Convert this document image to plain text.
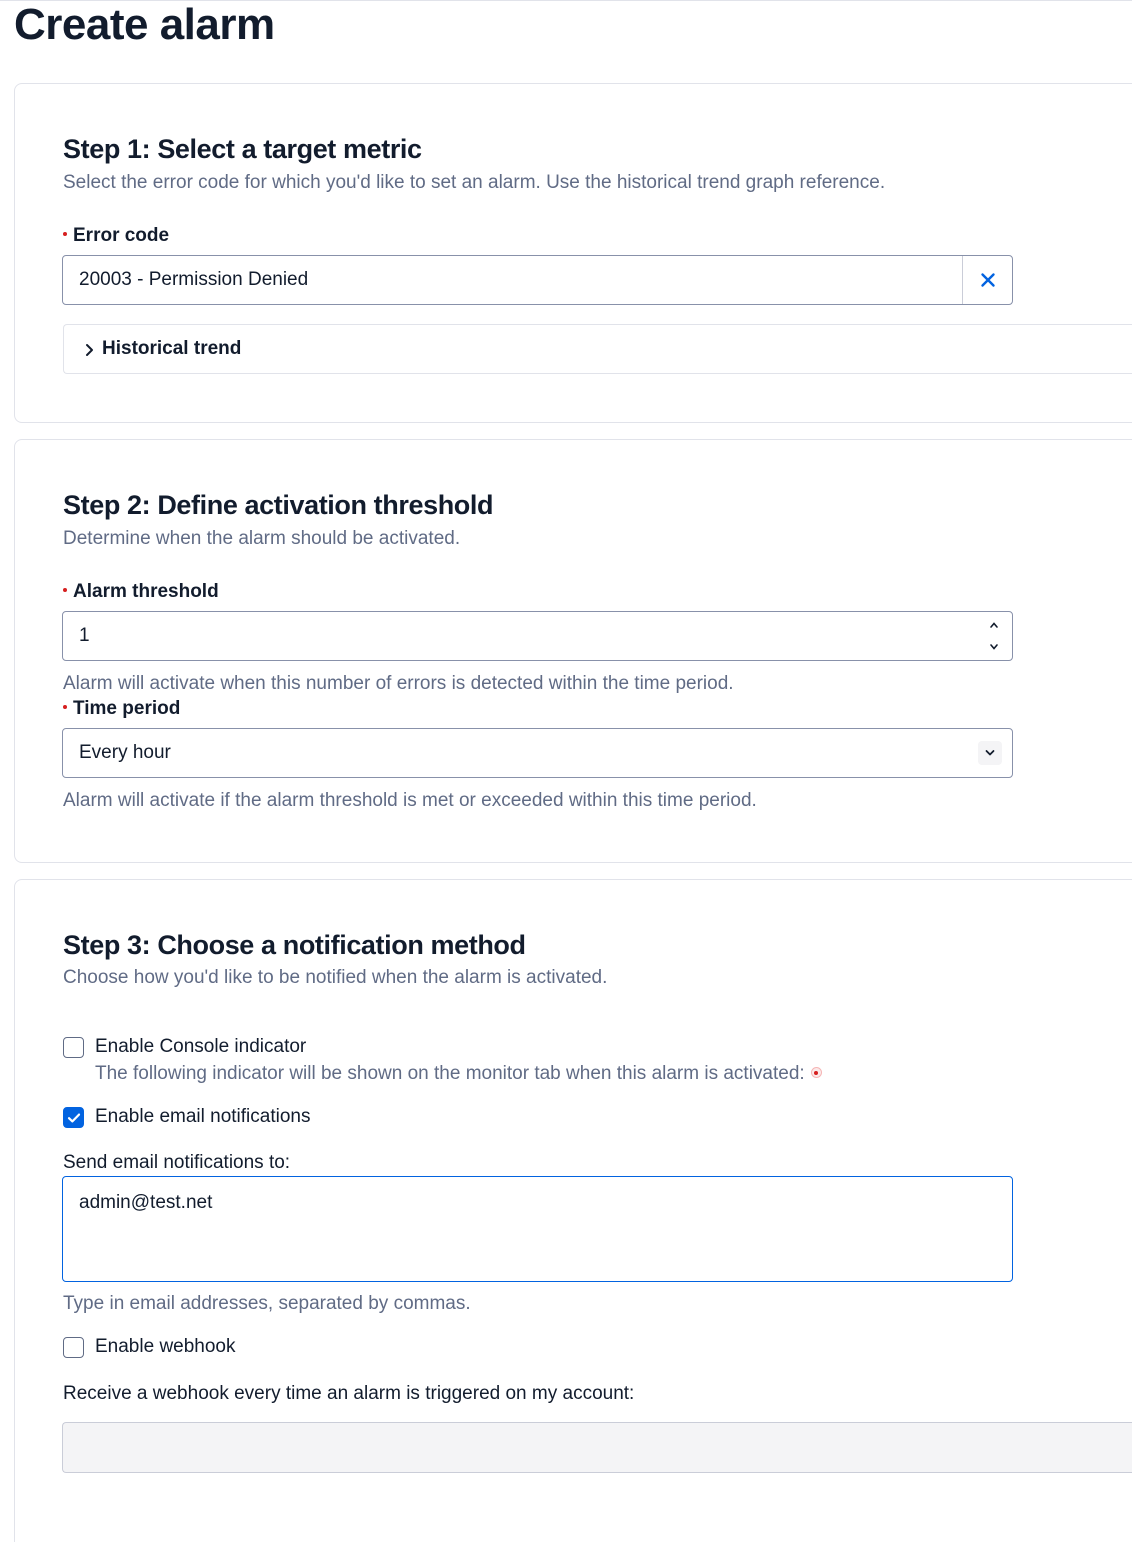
Create alarm
Step 1: Select a target metric
Select the error code for which you'd like to set an alarm. Use the historical trend graph reference.
Error code
20003 - Permission Denied
Historical trend
Step 2: Define activation threshold
Determine when the alarm should be activated.
Alarm threshold
1
Alarm will activate when this number of errors is detected within the time period.
Time period
Every hour
Alarm will activate if the alarm threshold is met or exceeded within this time period.
Step 3: Choose a notification method
Choose how you'd like to be notified when the alarm is activated.
Enable Console indicator
The following indicator will be shown on the monitor tab when this alarm is activated:
Enable email notifications
Send email notifications to:
admin@test.net
Type in email addresses, separated by commas.
Enable webhook
Receive a webhook every time an alarm is triggered on my account:
